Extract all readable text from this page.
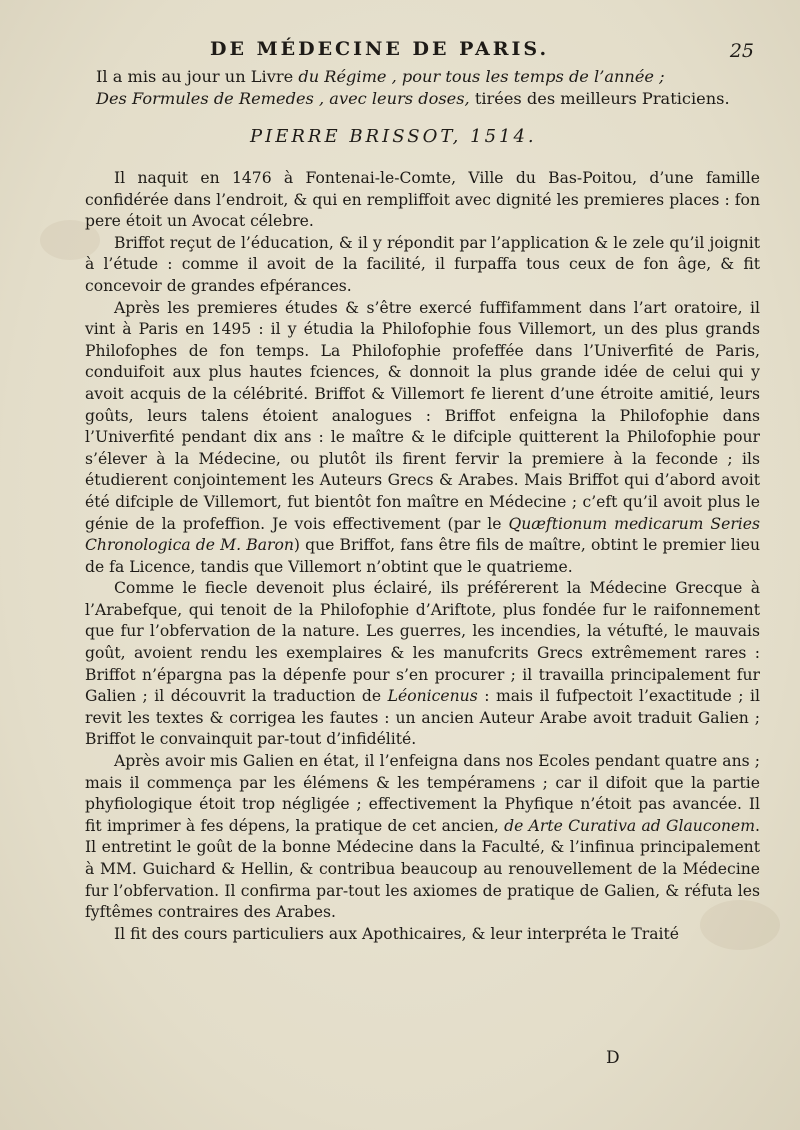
DE MÉDECINE DE PARIS.	25
Il a mis au jour un Livre du Régime , pour tous les temps de l’année ;
Des Formules de Remedes , avec leurs doses, tirées des meilleurs Praticiens.
PIERRE BRISSOT, 1514.

Il naquit en 1476 à Fontenai-le-Comte, Ville du Bas-Poitou, d’une famille confidérée dans l’endroit, & qui en rempliffoit avec dignité les premieres places : fon pere étoit un Avocat célebre.

Briffot reçut de l’éducation, & il y répondit par l’application & le zele qu’il joignit à l’étude : comme il avoit de la facilité, il furpaffa tous ceux de fon âge, & fit concevoir de grandes efpérances.

Après les premieres études & s’être exercé fuffifamment dans l’art oratoire, il vint à Paris en 1495 : il y étudia la Philofophie fous Villemort, un des plus grands Philofophes de fon temps. La Philofophie profeffée dans l’Univerfité de Paris, conduifoit aux plus hautes fciences, & donnoit la plus grande idée de celui qui y avoit acquis de la célébrité. Briffot & Villemort fe lierent d’une étroite amitié, leurs goûts, leurs talens étoient analogues : Briffot enfeigna la Philofophie dans l’Univerfité pendant dix ans : le maître & le difciple quitterent la Philofophie pour s’élever à la Médecine, ou plutôt ils firent fervir la premiere à la feconde ; ils étudierent conjointement les Auteurs Grecs & Arabes. Mais Briffot qui d’abord avoit été difciple de Villemort, fut bientôt fon maître en Médecine ; c’eft qu’il avoit plus le génie de la profeffion. Je vois effectivement (par le Quæftionum medicarum Series Chronologica de M. Baron) que Briffot, fans être fils de maître, obtint le premier lieu de fa Licence, tandis que Villemort n’obtint que le quatrieme.

Comme le fiecle devenoit plus éclairé, ils préférerent la Médecine Grecque à l’Arabefque, qui tenoit de la Philofophie d’Ariftote, plus fondée fur le raifonnement que fur l’obfervation de la nature. Les guerres, les incendies, la vétufté, le mauvais goût, avoient rendu les exemplaires & les manufcrits Grecs extrêmement rares : Briffot n’épargna pas la dépenfe pour s’en procurer ; il travailla principalement fur Galien ; il découvrit la traduction de Léonicenus : mais il fufpectoit l’exactitude ; il revit les textes & corrigea les fautes : un ancien Auteur Arabe avoit traduit Galien ; Briffot le convainquit par-tout d’infidélité.

Après avoir mis Galien en état, il l’enfeigna dans nos Ecoles pendant quatre ans ; mais il commença par les élémens & les tempéramens ; car il difoit que la partie phyfiologique étoit trop négligée ; effectivement la Phyfique n’étoit pas avancée. Il fit imprimer à fes dépens, la pratique de cet ancien, de Arte Curativa ad Glauconem. Il entretint le goût de la bonne Médecine dans la Faculté, & l’infinua principalement à MM. Guichard & Hellin, & contribua beaucoup au renouvellement de la Médecine fur l’obfervation. Il confirma par-tout les axiomes de pratique de Galien, & réfuta les fyftêmes contraires des Arabes.

Il fit des cours particuliers aux Apothicaires, & leur interpréta le Traité

D
